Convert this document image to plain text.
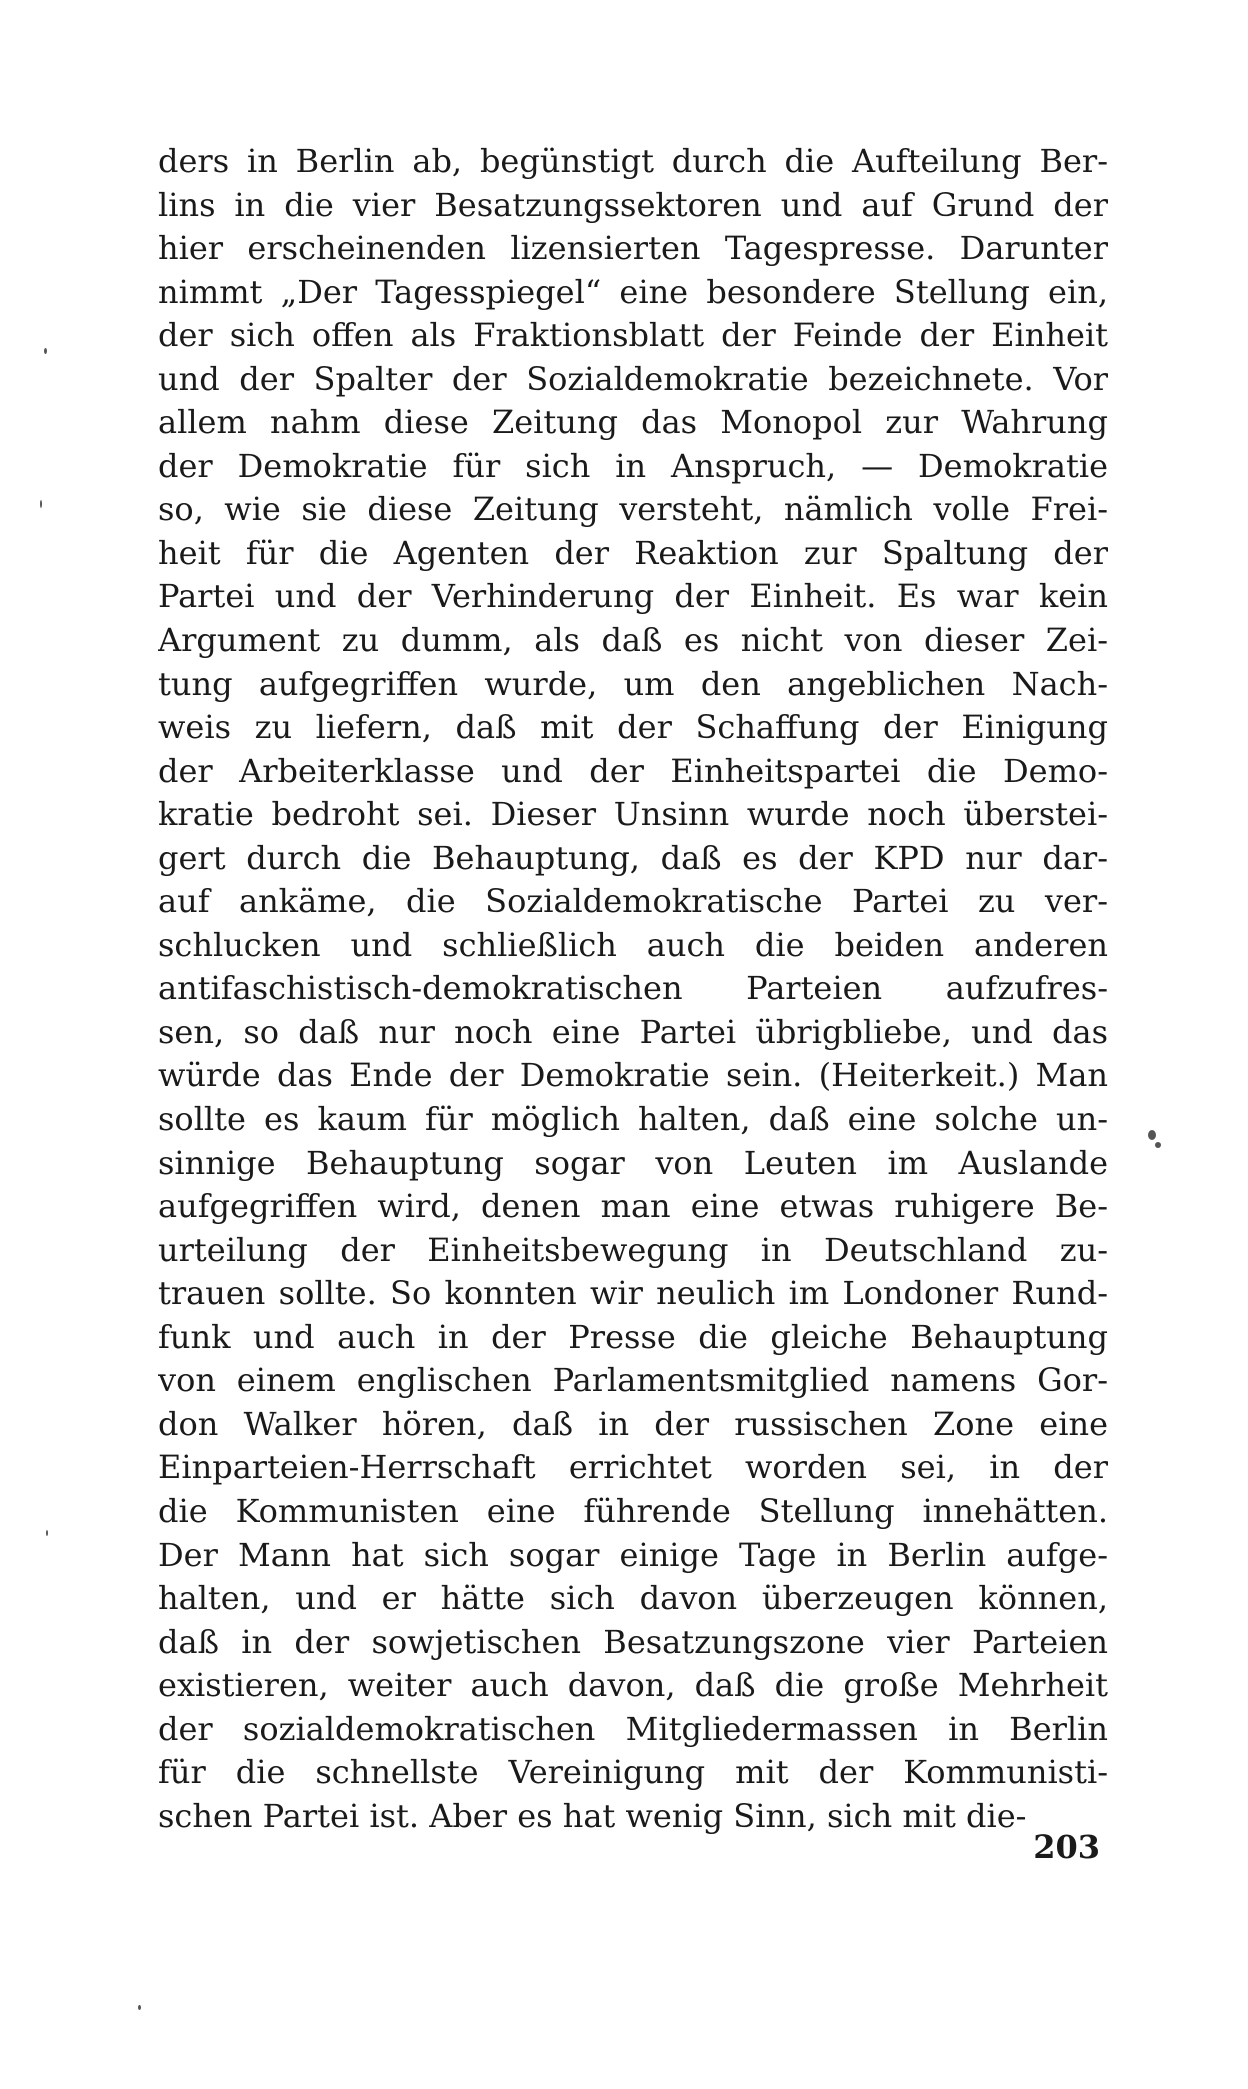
ders in Berlin ab, begünstigt durch die Aufteilung Ber-
lins in die vier Besatzungssektoren und auf Grund der
hier erscheinenden lizensierten Tagespresse. Darunter
nimmt „Der Tagesspiegel“ eine besondere Stellung ein,
der sich offen als Fraktionsblatt der Feinde der Einheit
und der Spalter der Sozialdemokratie bezeichnete. Vor
allem nahm diese Zeitung das Monopol zur Wahrung
der Demokratie für sich in Anspruch, — Demokratie
so, wie sie diese Zeitung versteht, nämlich volle Frei-
heit für die Agenten der Reaktion zur Spaltung der
Partei und der Verhinderung der Einheit. Es war kein
Argument zu dumm, als daß es nicht von dieser Zei-
tung aufgegriffen wurde, um den angeblichen Nach-
weis zu liefern, daß mit der Schaffung der Einigung
der Arbeiterklasse und der Einheitspartei die Demo-
kratie bedroht sei. Dieser Unsinn wurde noch überstei-
gert durch die Behauptung, daß es der KPD nur dar-
auf ankäme, die Sozialdemokratische Partei zu ver-
schlucken und schließlich auch die beiden anderen
antifaschistisch-demokratischen Parteien aufzufres-
sen, so daß nur noch eine Partei übrigbliebe, und das
würde das Ende der Demokratie sein. (Heiterkeit.) Man
sollte es kaum für möglich halten, daß eine solche un-
sinnige Behauptung sogar von Leuten im Auslande
aufgegriffen wird, denen man eine etwas ruhigere Be-
urteilung der Einheitsbewegung in Deutschland zu-
trauen sollte. So konnten wir neulich im Londoner Rund-
funk und auch in der Presse die gleiche Behauptung
von einem englischen Parlamentsmitglied namens Gor-
don Walker hören, daß in der russischen Zone eine
Einparteien-Herrschaft errichtet worden sei, in der
die Kommunisten eine führende Stellung innehätten.
Der Mann hat sich sogar einige Tage in Berlin aufge-
halten, und er hätte sich davon überzeugen können,
daß in der sowjetischen Besatzungszone vier Parteien
existieren, weiter auch davon, daß die große Mehrheit
der sozialdemokratischen Mitgliedermassen in Berlin
für die schnellste Vereinigung mit der Kommunisti-
schen Partei ist. Aber es hat wenig Sinn, sich mit die-
203
